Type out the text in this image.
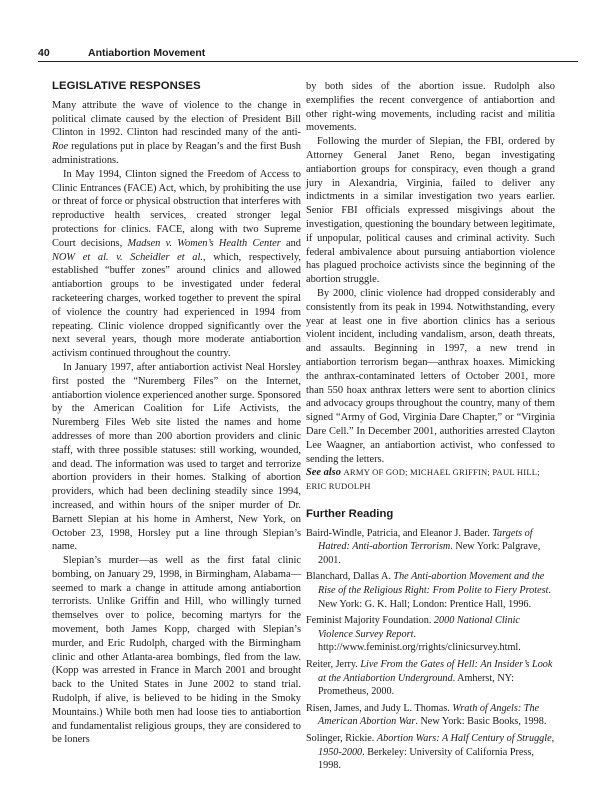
40	Antiabortion Movement
LEGISLATIVE RESPONSES

Many attribute the wave of violence to the change in political climate caused by the election of President Bill Clinton in 1992. Clinton had rescinded many of the anti-Roe regulations put in place by Reagan’s and the first Bush administrations.

In May 1994, Clinton signed the Freedom of Access to Clinic Entrances (FACE) Act, which, by prohibiting the use or threat of force or physical obstruction that interferes with reproductive health services, created stronger legal protections for clinics. FACE, along with two Supreme Court decisions, Madsen v. Women’s Health Center and NOW et al. v. Scheidler et al., which, respectively, established “buffer zones” around clinics and allowed antiabortion groups to be investigated under federal racketeering charges, worked together to prevent the spiral of violence the country had experienced in 1994 from repeating. Clinic violence dropped significantly over the next several years, though more moderate antiabortion activism continued throughout the country.

In January 1997, after antiabortion activist Neal Horsley first posted the “Nuremberg Files” on the Internet, antiabortion violence experienced another surge. Sponsored by the American Coalition for Life Activists, the Nuremberg Files Web site listed the names and home addresses of more than 200 abortion providers and clinic staff, with three possible statuses: still working, wounded, and dead. The information was used to target and terrorize abortion providers in their homes. Stalking of abortion providers, which had been declining steadily since 1994, increased, and within hours of the sniper murder of Dr. Barnett Slepian at his home in Amherst, New York, on October 23, 1998, Horsley put a line through Slepian’s name.

Slepian’s murder—as well as the first fatal clinic bombing, on January 29, 1998, in Birmingham, Alabama—seemed to mark a change in attitude among antiabortion terrorists. Unlike Griffin and Hill, who willingly turned themselves over to police, becoming martyrs for the movement, both James Kopp, charged with Slepian’s murder, and Eric Rudolph, charged with the Birmingham clinic and other Atlanta-area bombings, fled from the law. (Kopp was arrested in France in March 2001 and brought back to the United States in June 2002 to stand trial. Rudolph, if alive, is believed to be hiding in the Smoky Mountains.) While both men had loose ties to antiabortion and fundamentalist religious groups, they are considered to be loners

by both sides of the abortion issue. Rudolph also exemplifies the recent convergence of antiabortion and other right-wing movements, including racist and militia movements.

Following the murder of Slepian, the FBI, ordered by Attorney General Janet Reno, began investigating antiabortion groups for conspiracy, even though a grand jury in Alexandria, Virginia, failed to deliver any indictments in a similar investigation two years earlier. Senior FBI officials expressed misgivings about the investigation, questioning the boundary between legitimate, if unpopular, political causes and criminal activity. Such federal ambivalence about pursuing antiabortion violence has plagued prochoice activists since the beginning of the abortion struggle.

By 2000, clinic violence had dropped considerably and consistently from its peak in 1994. Notwithstanding, every year at least one in five abortion clinics has a serious violent incident, including vandalism, arson, death threats, and assaults. Beginning in 1997, a new trend in antiabortion terrorism began—anthrax hoaxes. Mimicking the anthrax-contaminated letters of October 2001, more than 550 hoax anthrax letters were sent to abortion clinics and advocacy groups throughout the country, many of them signed “Army of God, Virginia Dare Chapter,” or “Virginia Dare Cell.” In December 2001, authorities arrested Clayton Lee Waagner, an antiabortion activist, who confessed to sending the letters.

See also ARMY OF GOD; MICHAEL GRIFFIN; PAUL HILL; ERIC RUDOLPH

Further Reading

Baird-Windle, Patricia, and Eleanor J. Bader. Targets of Hatred: Anti-abortion Terrorism. New York: Palgrave, 2001.

Blanchard, Dallas A. The Anti-abortion Movement and the Rise of the Religious Right: From Polite to Fiery Protest. New York: G. K. Hall; London: Prentice Hall, 1996.

Feminist Majority Foundation. 2000 National Clinic Violence Survey Report. http://www.feminist.org/rrights/clinicsurvey.html.

Reiter, Jerry. Live From the Gates of Hell: An Insider’s Look at the Antiabortion Underground. Amherst, NY: Prometheus, 2000.

Risen, James, and Judy L. Thomas. Wrath of Angels: The American Abortion War. New York: Basic Books, 1998.

Solinger, Rickie. Abortion Wars: A Half Century of Struggle, 1950-2000. Berkeley: University of California Press, 1998.
